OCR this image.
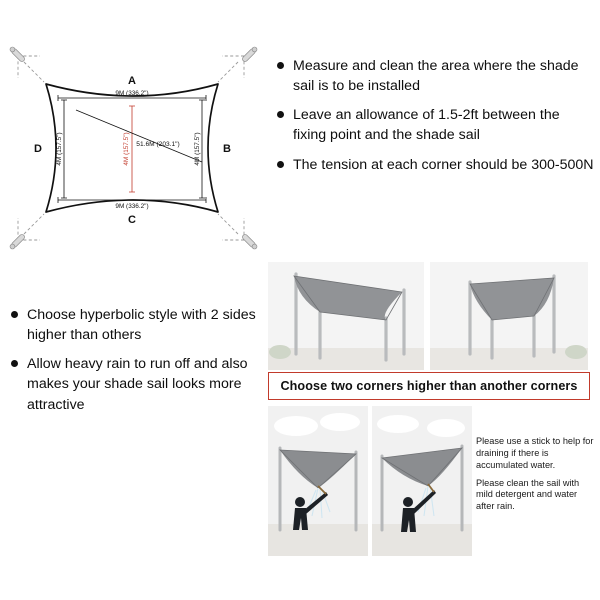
A
B
C
D
9M (336.2")
9M (336.2")
4M (157.5")	4M (157.5")
4M (157.5") 51.6M (203.1")
Measure and clean the area where the shade sail is to be installed
Leave an allowance of 1.5-2ft between the fixing point and the shade sail
The tension at each corner should be 300-500N
Choose hyperbolic style with 2 sides higher than others
Allow heavy rain to run off and also makes your shade sail looks more attractive
Choose two corners higher than another corners

Please use a stick to help for draining if there is accumulated water.

Please clean the sail with mild detergent and water after rain.
